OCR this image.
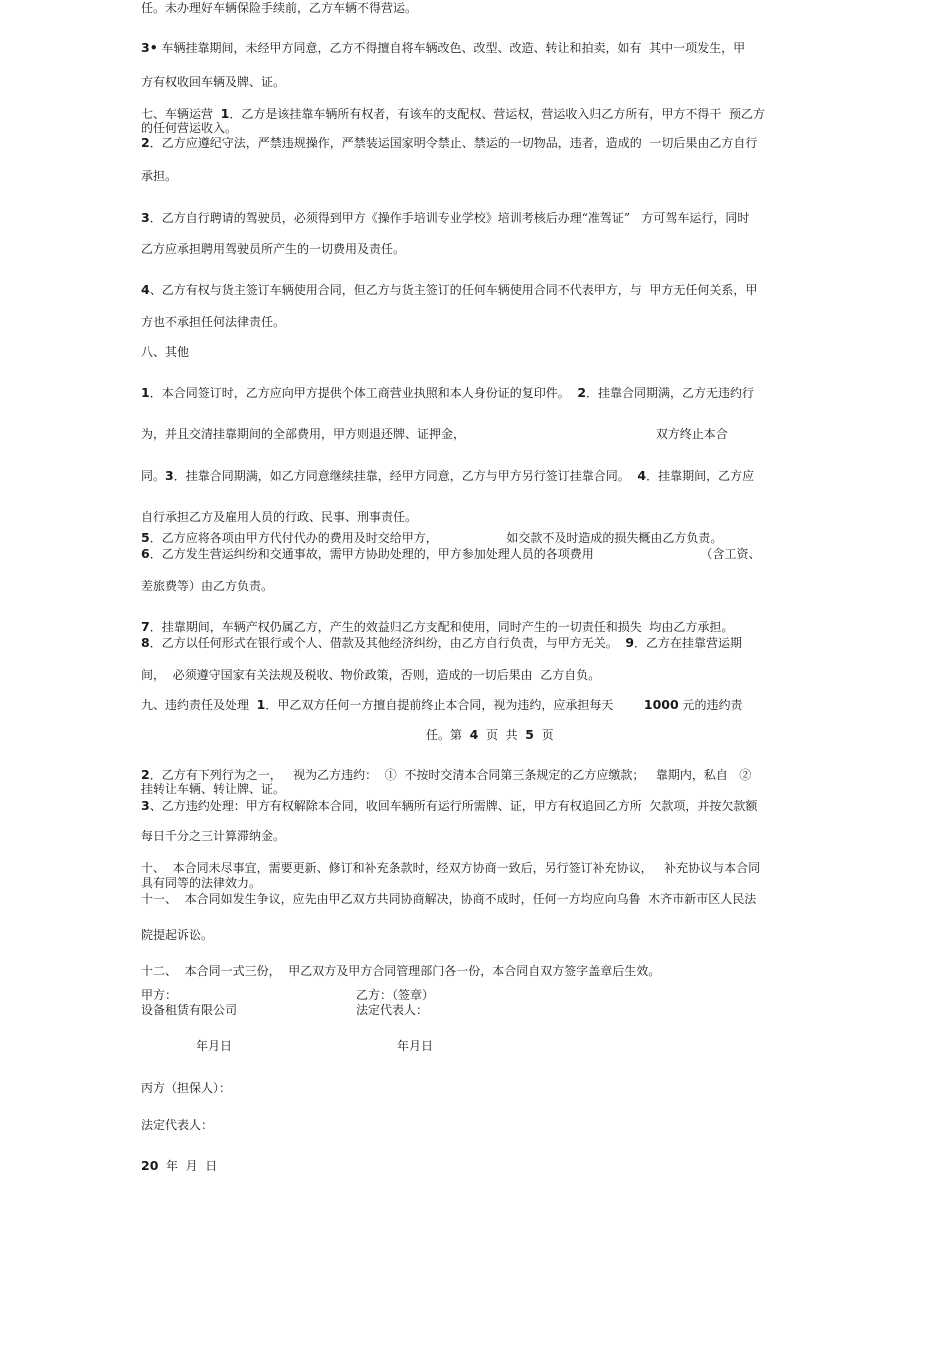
任。未办理好车辆保险手续前，乙方车辆不得营运。
3• 车辆挂靠期间，未经甲方同意，乙方不得擅自将车辆改色、改型、改造、转让和拍卖，如有  其中一项发生，甲
方有权收回车辆及牌、证。
七、车辆运营  1．乙方是该挂靠车辆所有权者，有该车的支配权、营运权，营运收入归乙方所有，甲方不得干  预乙方
的任何营运收入。
2．乙方应遵纪守法，严禁违规操作，严禁装运国家明令禁止、禁运的一切物品，违者，造成的  一切后果由乙方自行
承担。
3．乙方自行聘请的驾驶员，必须得到甲方《操作手培训专业学校》培训考核后办理“准驾证”   方可驾车运行，同时
乙方应承担聘用驾驶员所产生的一切费用及责任。
4、乙方有权与货主签订车辆使用合同，但乙方与货主签订的任何车辆使用合同不代表甲方，与  甲方无任何关系，甲
方也不承担任何法律责任。
八、其他
1．本合同签订时，乙方应向甲方提供个体工商营业执照和本人身份证的复印件。  2．挂靠合同期满，乙方无违约行
为，并且交清挂靠期间的全部费用，甲方则退还牌、证押金，                                                  双方终止本合
同。3．挂靠合同期满，如乙方同意继续挂靠，经甲方同意，乙方与甲方另行签订挂靠合同。  4．挂靠期间，乙方应
自行承担乙方及雇用人员的行政、民事、刑事责任。
5．乙方应将各项由甲方代付代办的费用及时交给甲方，                  如交款不及时造成的损失概由乙方负责。
6．乙方发生营运纠纷和交通事故，需甲方协助处理的，甲方参加处理人员的各项费用                            （含工资、
差旅费等）由乙方负责。
7．挂靠期间，车辆产权仍属乙方，产生的效益归乙方支配和使用，同时产生的一切责任和损失  均由乙方承担。
8．乙方以任何形式在银行或个人、借款及其他经济纠纷，由乙方自行负责，与甲方无关。  9．乙方在挂靠营运期
间，  必须遵守国家有关法规及税收、物价政策，否则，造成的一切后果由  乙方自负。
九、违约责任及处理  1．甲乙双方任何一方擅自提前终止本合同，视为违约，应承担每天        1000 元的违约责
任。第  4  页  共  5  页
2．乙方有下列行为之一，   视为乙方违约：  ①  不按时交清本合同第三条规定的乙方应缴款；   靠期内，私自   ②
挂转让车辆、转让牌、证。
3、乙方违约处理：甲方有权解除本合同，收回车辆所有运行所需牌、证，甲方有权追回乙方所  欠款项，并按欠款额
每日千分之三计算滞纳金。
十、  本合同未尽事宜，需要更新、修订和补充条款时，经双方协商一致后，另行签订补充协议，   补充协议与本合同
具有同等的法律效力。
十一、  本合同如发生争议，应先由甲乙双方共同协商解决，协商不成时，任何一方均应向乌鲁  木齐市新市区人民法
院提起诉讼。
十二、  本合同一式三份，  甲乙双方及甲方合同管理部门各一份，本合同自双方签字盖章后生效。
甲方：	乙方：（签章）
设备租赁有限公司	法定代表人：
年月日	年月日
丙方（担保人）：
法定代表人：
20  年  月  日
